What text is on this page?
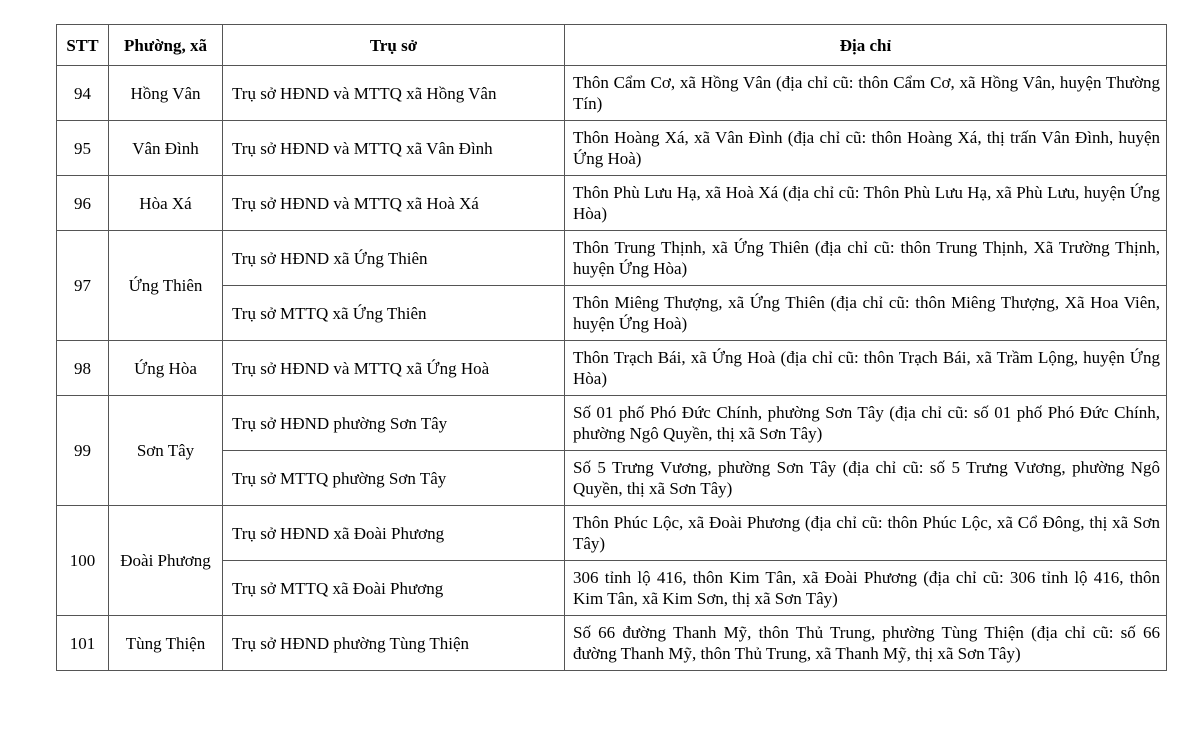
STT	Phường, xã	Trụ sở	Địa chỉ
94	Hồng Vân	Trụ sở HĐND và MTTQ xã Hồng Vân	Thôn Cẩm Cơ, xã Hồng Vân (địa chỉ cũ: thôn Cẩm Cơ, xã Hồng Vân, huyện Thường Tín)
95	Vân Đình	Trụ sở HĐND và MTTQ xã Vân Đình	Thôn Hoàng Xá, xã Vân Đình (địa chỉ cũ: thôn Hoàng Xá, thị trấn Vân Đình, huyện Ứng Hoà)
96	Hòa Xá	Trụ sở HĐND và MTTQ xã Hoà Xá	Thôn Phù Lưu Hạ, xã Hoà Xá (địa chỉ cũ: Thôn Phù Lưu Hạ, xã Phù Lưu, huyện Ứng Hòa)
97	Ứng Thiên	Trụ sở HĐND xã Ứng Thiên	Thôn Trung Thịnh, xã Ứng Thiên (địa chỉ cũ: thôn Trung Thịnh, Xã Trường Thịnh, huyện Ứng Hòa)
		Trụ sở MTTQ xã Ứng Thiên	Thôn Miêng Thượng, xã Ứng Thiên (địa chỉ cũ: thôn Miêng Thượng, Xã Hoa Viên, huyện Ứng Hoà)
98	Ứng Hòa	Trụ sở HĐND và MTTQ xã Ứng Hoà	Thôn Trạch Bái, xã Ứng Hoà (địa chỉ cũ: thôn Trạch Bái, xã Trầm Lộng, huyện Ứng Hòa)
99	Sơn Tây	Trụ sở HĐND phường Sơn Tây	Số 01 phố Phó Đức Chính, phường Sơn Tây (địa chỉ cũ: số 01 phố Phó Đức Chính, phường Ngô Quyền, thị xã Sơn Tây)
		Trụ sở MTTQ phường Sơn Tây	Số 5 Trưng Vương, phường Sơn Tây (địa chỉ cũ: số 5 Trưng Vương, phường Ngô Quyền, thị xã Sơn Tây)
100	Đoài Phương	Trụ sở HĐND xã Đoài Phương	Thôn Phúc Lộc, xã Đoài Phương (địa chỉ cũ: thôn Phúc Lộc, xã Cổ Đông, thị xã Sơn Tây)
		Trụ sở MTTQ xã Đoài Phương	306 tỉnh lộ 416, thôn Kim Tân, xã Đoài Phương (địa chỉ cũ: 306 tỉnh lộ 416, thôn Kim Tân, xã Kim Sơn, thị xã Sơn Tây)
101	Tùng Thiện	Trụ sở HĐND phường Tùng Thiện	Số 66 đường Thanh Mỹ, thôn Thủ Trung, phường Tùng Thiện (địa chỉ cũ: số 66 đường Thanh Mỹ, thôn Thủ Trung, xã Thanh Mỹ, thị xã Sơn Tây)
